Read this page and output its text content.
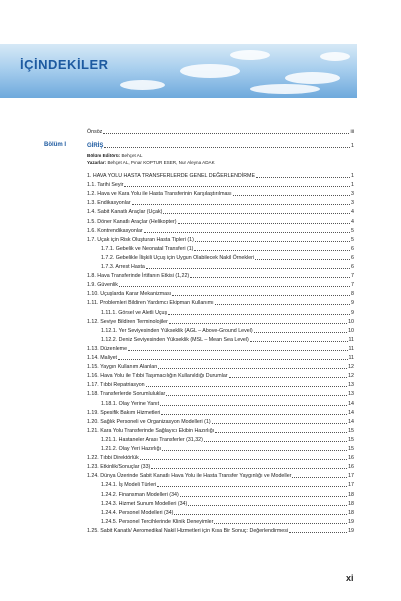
İÇİNDEKİLER
Önsöz	iii
Bölüm I	GİRİŞ	1
Bölüm Editörü: Behçet AL
Yazarlar: Behçet AL, Pınar KOPTUR ESER, Nur Aleyna ADAK
1. HAVA YOLU HASTA TRANSFERLERDE GENEL DEĞERLENDİRME	1
1.1. Tarihi Seyir	1
1.2. Hava ve Kara Yolu ile Hasta Transferinin Karşılaştırılması	3
1.3. Endikasyonlar	3
1.4. Sabit Kanatlı Araçlar (Uçak)	4
1.5. Döner Kanatlı Araçlar (Helikopter)	4
1.6. Kontrendikasyonlar	5
1.7. Uçak için Risk Oluşturan Hasta Tipleri (1)	5
1.7.1. Gebelik ve Neonatal Transferi (1)	6
1.7.2. Gebelikle İlişkili Uçuş için Uygun Olabilecek Nakil Örnekleri	6
1.7.3. Arrest Hasta	6
1.8. Hava Transferinde İrtifanın Etkisi (1,22)	7
1.9. Güvenlik	7
1.10. Uçuşlarda Karar Mekanizması	8
1.11. Problemleri Bildiren Yardımcı Ekipman Kullanımı	9
1.11.1. Görsel ve Aletli Uçuş	9
1.12. Seviye Bildiren Terminolojiler	10
1.12.1. Yer Seviyesinden Yükseklik (AGL – Above-Ground Level)	10
1.12.2. Deniz Seviyesinden Yükseklik (MSL – Mean Sea Level)	11
1.13. Düzenleme	11
1.14. Maliyet	11
1.15. Yaygın Kullanım Alanları	12
1.16. Hava Yolu ile Tıbbi Taşımacılığın Kullanıldığı Durumlar	12
1.17. Tıbbi Repatriasyon	13
1.18. Transferlerde Sorumluluklar	13
1.18.1. Olay Yerine Yanıt	14
1.19. Spesifik Bakım Hizmetleri	14
1.20. Sağlık Personeli ve Organizasyon Modelleri (1)	14
1.21. Kara Yolu Transferinde Sağlayıcı Ekibin Hazırlığı	15
1.21.1. Hastaneler Arası Transferler (31,32)	15
1.21.2. Olay Yeri Hazırlığı	15
1.22. Tıbbi Direktörlük	16
1.23. Etkinlik/Sonuçlar (33)	16
1.24. Dünya Üzerinde Sabit Kanatlı Hava Yolu ile Hasta Transfer Yaygınlığı ve Modeller	17
1.24.1. İş Modeli Türleri	17
1.24.2. Finansman Modelleri (34)	18
1.24.3. Hizmet Sunum Modelleri (34)	18
1.24.4. Personel Modelleri (34)	18
1.24.5. Personel Tercihlerinde Klinik Deneyimler	19
1.25. Sabit Kanatlı/ Aeromedikal Nakil Hizmetleri için Kısa Bir Sonuç: Değerlendirmesi	19
xi
